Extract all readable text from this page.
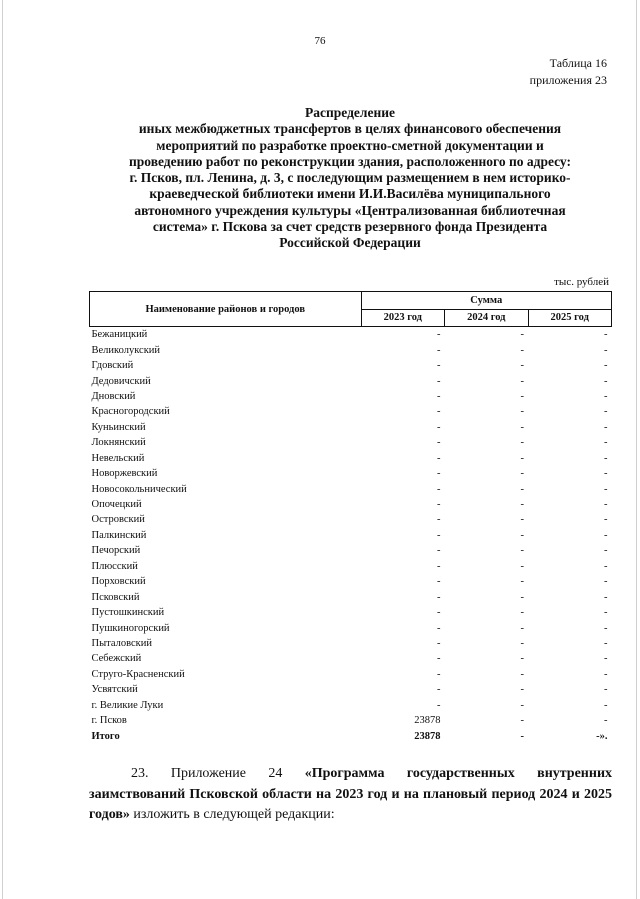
76
Таблица 16
приложения 23
Распределение
иных межбюджетных трансфертов в целях финансового обеспечения
мероприятий по разработке проектно-сметной документации и
проведению работ по реконструкции здания, расположенного по адресу:
г. Псков, пл. Ленина, д. 3, с последующим размещением в нем историко-
краеведческой библиотеки имени И.И.Василёва муниципального
автономного учреждения культуры «Централизованная библиотечная
система» г. Пскова за счет средств резервного фонда Президента
Российской Федерации
тыс. рублей
Наименование районов и городов	Сумма		
	2023 год	2024 год	2025 год
Бежаницкий	-	-	-
Великолукский	-	-	-
Гдовский	-	-	-
Дедовичский	-	-	-
Дновский	-	-	-
Красногородский	-	-	-
Куньинский	-	-	-
Локнянский	-	-	-
Невельский	-	-	-
Новоржевский	-	-	-
Новосокольнический	-	-	-
Опочецкий	-	-	-
Островский	-	-	-
Палкинский	-	-	-
Печорский	-	-	-
Плюсский	-	-	-
Порховский	-	-	-
Псковский	-	-	-
Пустошкинский	-	-	-
Пушкиногорский	-	-	-
Пыталовский	-	-	-
Себежский	-	-	-
Струго-Красненский	-	-	-
Усвятский	-	-	-
г. Великие Луки	-	-	-
г. Псков	23878	-	-
Итого	23878	-	-».
23. Приложение 24 «Программа государственных внутренних заимствований Псковской области на 2023 год и на плановый период 2024 и 2025 годов» изложить в следующей редакции:
